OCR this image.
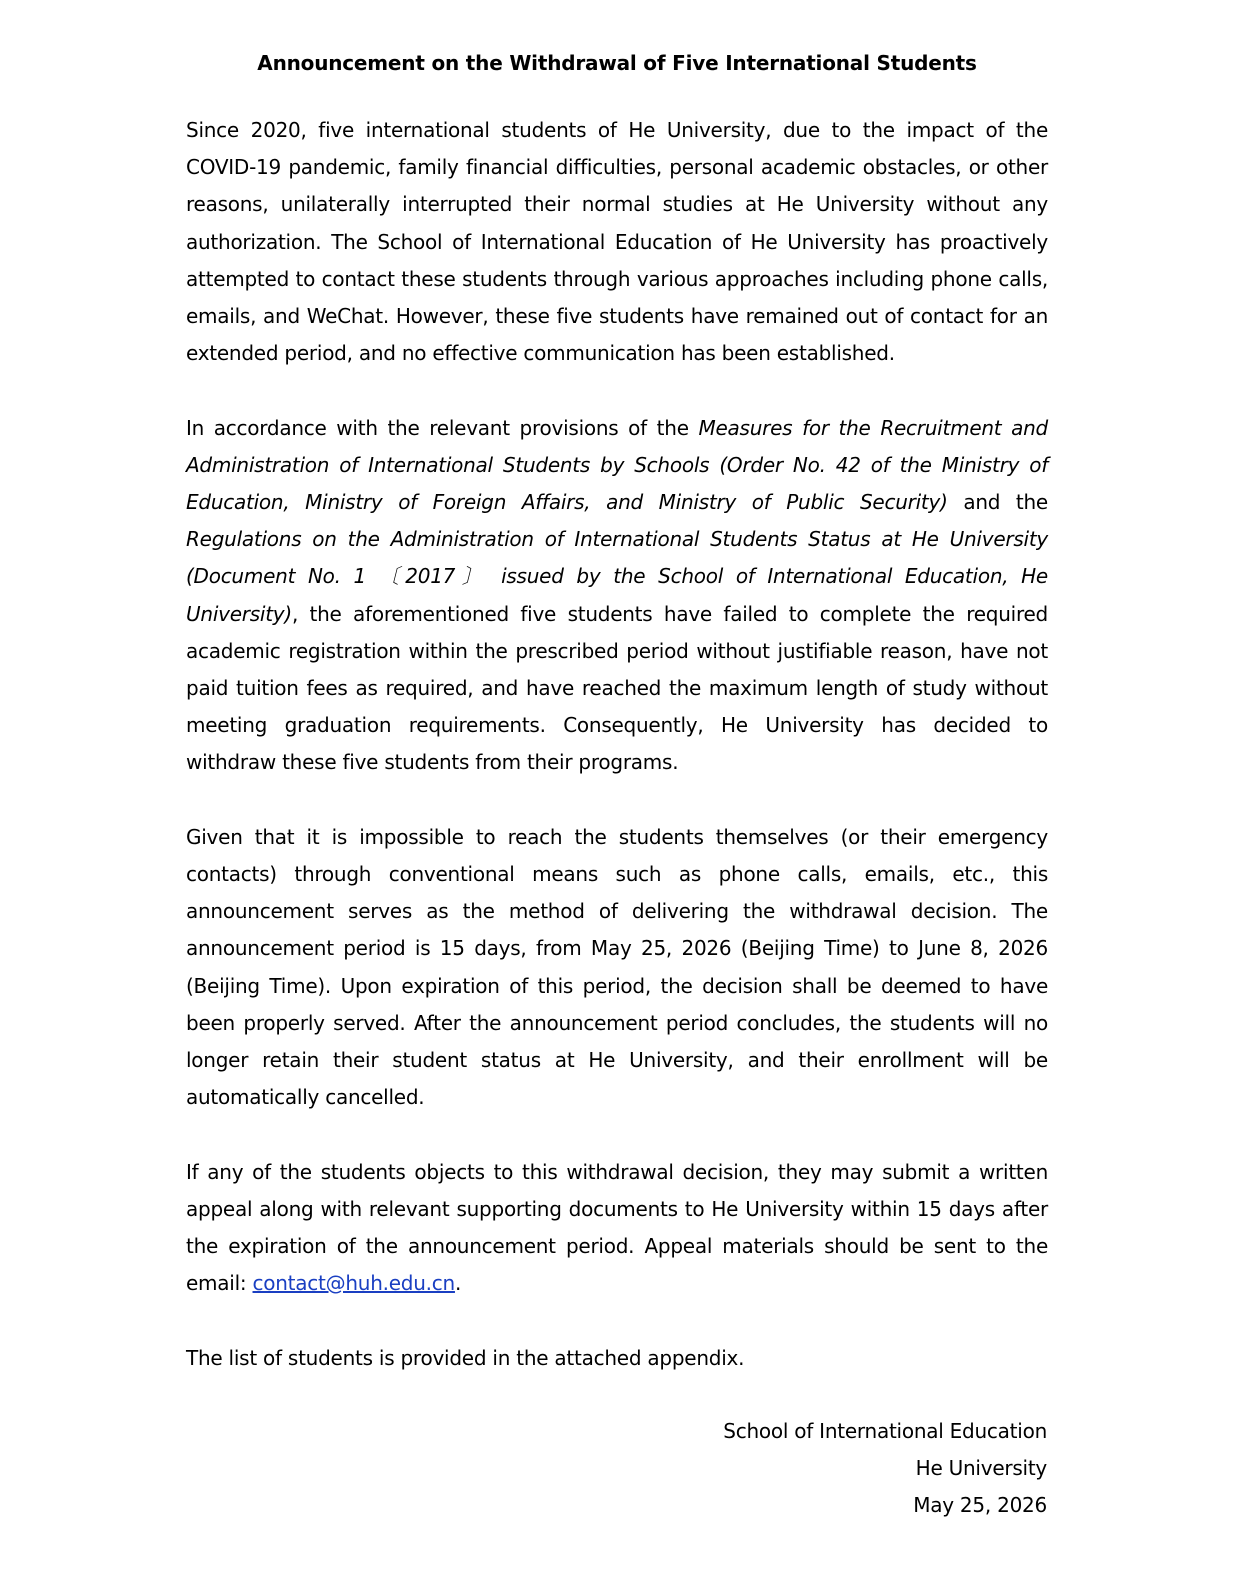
Announcement on the Withdrawal of Five International Students

Since 2020, five international students of He University, due to the impact of the COVID-19 pandemic, family financial difficulties, personal academic obstacles, or other reasons, unilaterally interrupted their normal studies at He University without any authorization. The School of International Education of He University has proactively attempted to contact these students through various approaches including phone calls, emails, and WeChat. However, these five students have remained out of contact for an extended period, and no effective communication has been established.

In accordance with the relevant provisions of the Measures for the Recruitment and Administration of International Students by Schools (Order No. 42 of the Ministry of Education, Ministry of Foreign Affairs, and Ministry of Public Security) and the Regulations on the Administration of International Students Status at He University (Document No. 1 〔2017〕 issued by the School of International Education, He University), the aforementioned five students have failed to complete the required academic registration within the prescribed period without justifiable reason, have not paid tuition fees as required, and have reached the maximum length of study without meeting graduation requirements. Consequently, He University has decided to withdraw these five students from their programs.

Given that it is impossible to reach the students themselves (or their emergency contacts) through conventional means such as phone calls, emails, etc., this announcement serves as the method of delivering the withdrawal decision. The announcement period is 15 days, from May 25, 2026 (Beijing Time) to June 8, 2026 (Beijing Time). Upon expiration of this period, the decision shall be deemed to have been properly served. After the announcement period concludes, the students will no longer retain their student status at He University, and their enrollment will be automatically cancelled.

If any of the students objects to this withdrawal decision, they may submit a written appeal along with relevant supporting documents to He University within 15 days after the expiration of the announcement period. Appeal materials should be sent to the email: contact@huh.edu.cn.

The list of students is provided in the attached appendix.

School of International Education
He University
May 25, 2026
